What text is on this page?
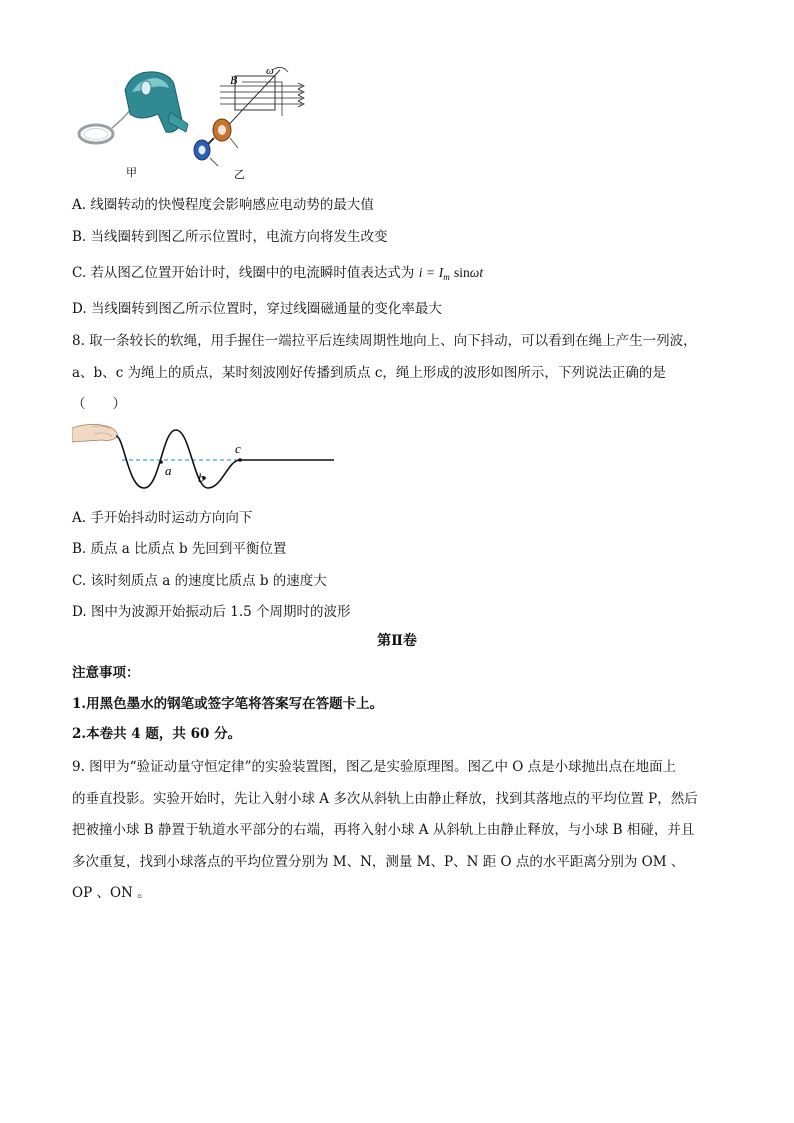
B
ω
甲	乙
A. 线圈转动的快慢程度会影响感应电动势的最大值
B. 当线圈转到图乙所示位置时，电流方向将发生改变
C. 若从图乙位置开始计时，线圈中的电流瞬时值表达式为 $i = I_m$ sinωt
D. 当线圈转到图乙所示位置时，穿过线圈磁通量的变化率最大
8. 取一条较长的软绳，用手握住一端拉平后连续周期性地向上、向下抖动，可以看到在绳上产生一列波，
a、b、c 为绳上的质点，某时刻波刚好传播到质点 c，绳上形成的波形如图所示，下列说法正确的是
（　　）
a b
c
A. 手开始抖动时运动方向向下
B. 质点 a 比质点 b 先回到平衡位置
C. 该时刻质点 a 的速度比质点 b 的速度大
D. 图中为波源开始振动后 1.5 个周期时的波形
第Ⅱ卷
注意事项：
1.用黑色墨水的钢笔或签字笔将答案写在答题卡上。
2.本卷共 4 题，共 60 分。
9. 图甲为“验证动量守恒定律”的实验装置图，图乙是实验原理图。图乙中 O 点是小球抛出点在地面上
的垂直投影。实验开始时，先让入射小球 A 多次从斜轨上由静止释放，找到其落地点的平均位置 P，然后
把被撞小球 B 静置于轨道水平部分的右端，再将入射小球 A 从斜轨上由静止释放，与小球 B 相碰，并且
多次重复，找到小球落点的平均位置分别为 M、N，测量 M、P、N 距 O 点的水平距离分别为 OM 、
OP 、ON 。
